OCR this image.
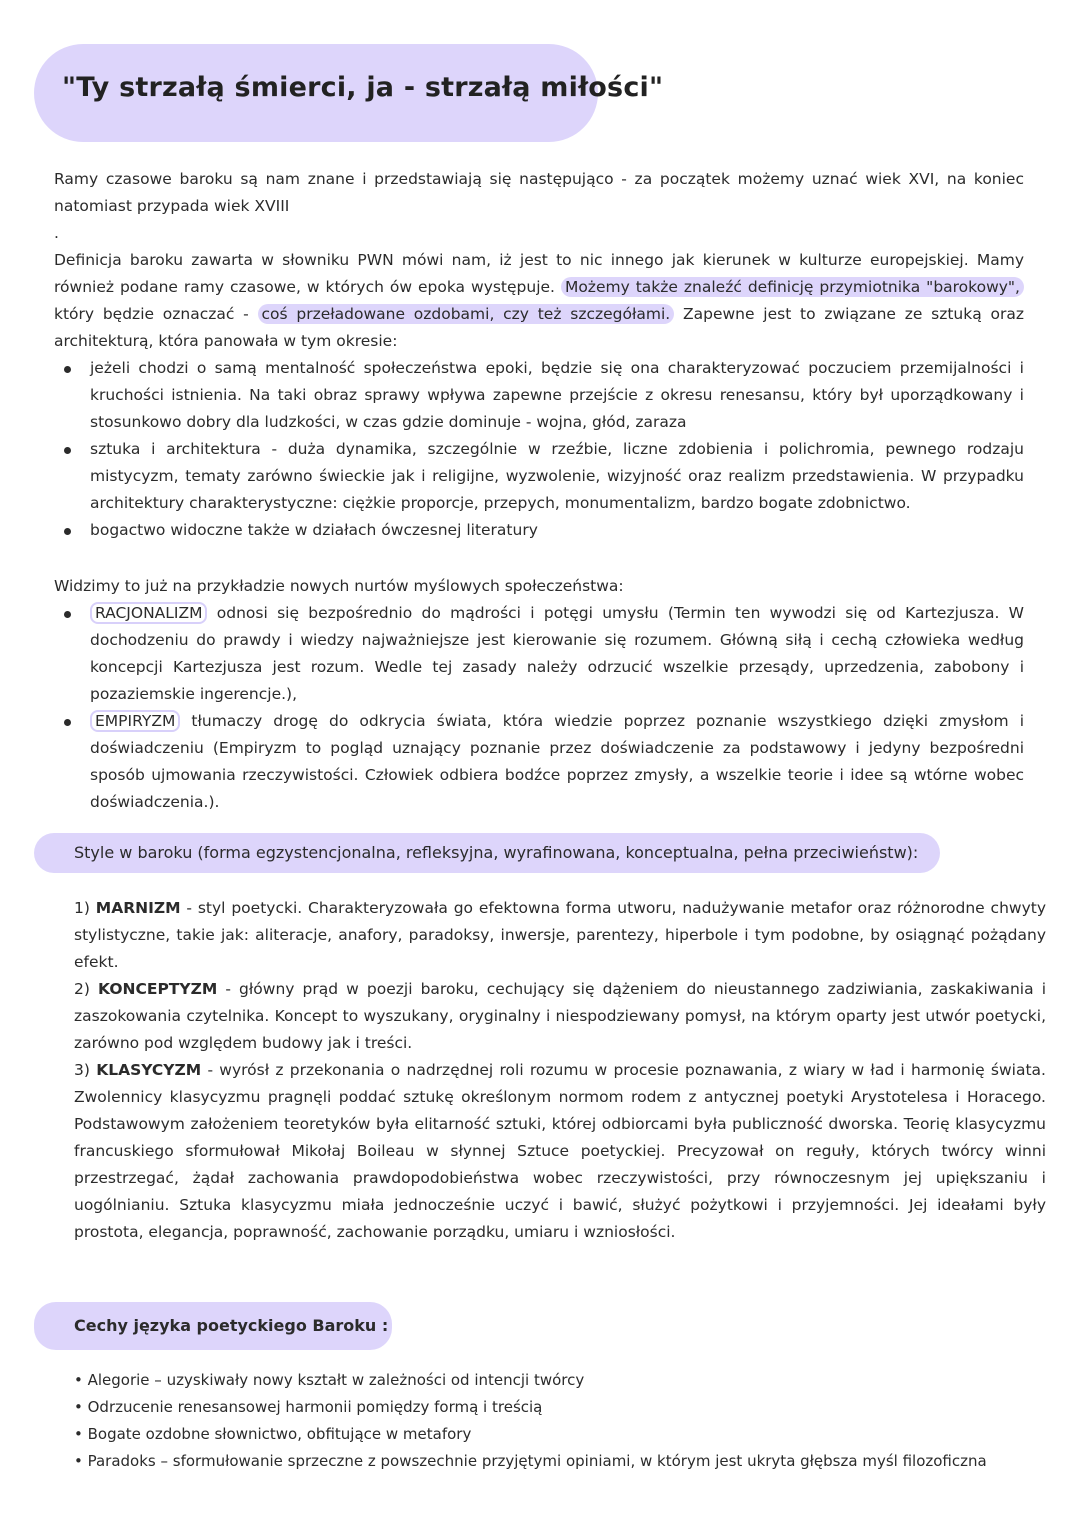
"Ty strzałą śmierci, ja - strzałą miłości"

Ramy czasowe baroku są nam znane i przedstawiają się następująco - za początek możemy uznać wiek XVI, na koniec natomiast przypada wiek XVIII

.

Definicja baroku zawarta w słowniku PWN mówi nam, iż jest to nic innego jak kierunek w kulturze europejskiej. Mamy również podane ramy czasowe, w których ów epoka występuje. Możemy także znaleźć definicję przymiotnika "barokowy", który będzie oznaczać - coś przeładowane ozdobami, czy też szczegółami. Zapewne jest to związane ze sztuką oraz architekturą, która panowała w tym okresie:

jeżeli chodzi o samą mentalność społeczeństwa epoki, będzie się ona charakteryzować poczuciem przemijalności i kruchości istnienia. Na taki obraz sprawy wpływa zapewne przejście z okresu renesansu, który był uporządkowany i stosunkowo dobry dla ludzkości, w czas gdzie dominuje - wojna, głód, zaraza
sztuka i architektura - duża dynamika, szczególnie w rzeźbie, liczne zdobienia i polichromia, pewnego rodzaju mistycyzm, tematy zarówno świeckie jak i religijne, wyzwolenie, wizyjność oraz realizm przedstawienia. W przypadku architektury charakterystyczne: ciężkie proporcje, przepych, monumentalizm, bardzo bogate zdobnictwo.
bogactwo widoczne także w działach ówczesnej literatury

Widzimy to już na przykładzie nowych nurtów myślowych społeczeństwa:

RACJONALIZM odnosi się bezpośrednio do mądrości i potęgi umysłu (Termin ten wywodzi się od Kartezjusza. W dochodzeniu do prawdy i wiedzy najważniejsze jest kierowanie się rozumem. Główną siłą i cechą człowieka według koncepcji Kartezjusza jest rozum. Wedle tej zasady należy odrzucić wszelkie przesądy, uprzedzenia, zabobony i pozaziemskie ingerencje.),
EMPIRYZM tłumaczy drogę do odkrycia świata, która wiedzie poprzez poznanie wszystkiego dzięki zmysłom i doświadczeniu (Empiryzm to pogląd uznający poznanie przez doświadczenie za podstawowy i jedyny bezpośredni sposób ujmowania rzeczywistości. Człowiek odbiera bodźce poprzez zmysły, a wszelkie teorie i idee są wtórne wobec doświadczenia.).
Style w baroku (forma egzystencjonalna, refleksyjna, wyrafinowana, konceptualna, pełna przeciwieństw):

1) MARNIZM - styl poetycki. Charakteryzowała go efektowna forma utworu, nadużywanie metafor oraz różnorodne chwyty stylistyczne, takie jak: aliteracje, anafory, paradoksy, inwersje, parentezy, hiperbole i tym podobne, by osiągnąć pożądany efekt.

2) KONCEPTYZM - główny prąd w poezji baroku, cechujący się dążeniem do nieustannego zadziwiania, zaskakiwania i zaszokowania czytelnika. Koncept to wyszukany, oryginalny i niespodziewany pomysł, na którym oparty jest utwór poetycki, zarówno pod względem budowy jak i treści.

3) KLASYCYZM - wyrósł z przekonania o nadrzędnej roli rozumu w procesie poznawania, z wiary w ład i harmonię świata. Zwolennicy klasycyzmu pragnęli poddać sztukę określonym normom rodem z antycznej poetyki Arystotelesa i Horacego. Podstawowym założeniem teoretyków była elitarność sztuki, której odbiorcami była publiczność dworska. Teorię klasycyzmu francuskiego sformułował Mikołaj Boileau w słynnej Sztuce poetyckiej. Precyzował on reguły, których twórcy winni przestrzegać, żądał zachowania prawdopodobieństwa wobec rzeczywistości, przy równoczesnym jej upiększaniu i uogólnianiu. Sztuka klasycyzmu miała jednocześnie uczyć i bawić, służyć pożytkowi i przyjemności. Jej ideałami były prostota, elegancja, poprawność, zachowanie porządku, umiaru i wzniosłości.

Cechy języka poetyckiego Baroku :

• Alegorie – uzyskiwały nowy kształt w zależności od intencji twórcy

• Odrzucenie renesansowej harmonii pomiędzy formą i treścią

• Bogate ozdobne słownictwo, obfitujące w metafory

• Paradoks – sformułowanie sprzeczne z powszechnie przyjętymi opiniami, w którym jest ukryta głębsza myśl filozoficzna
